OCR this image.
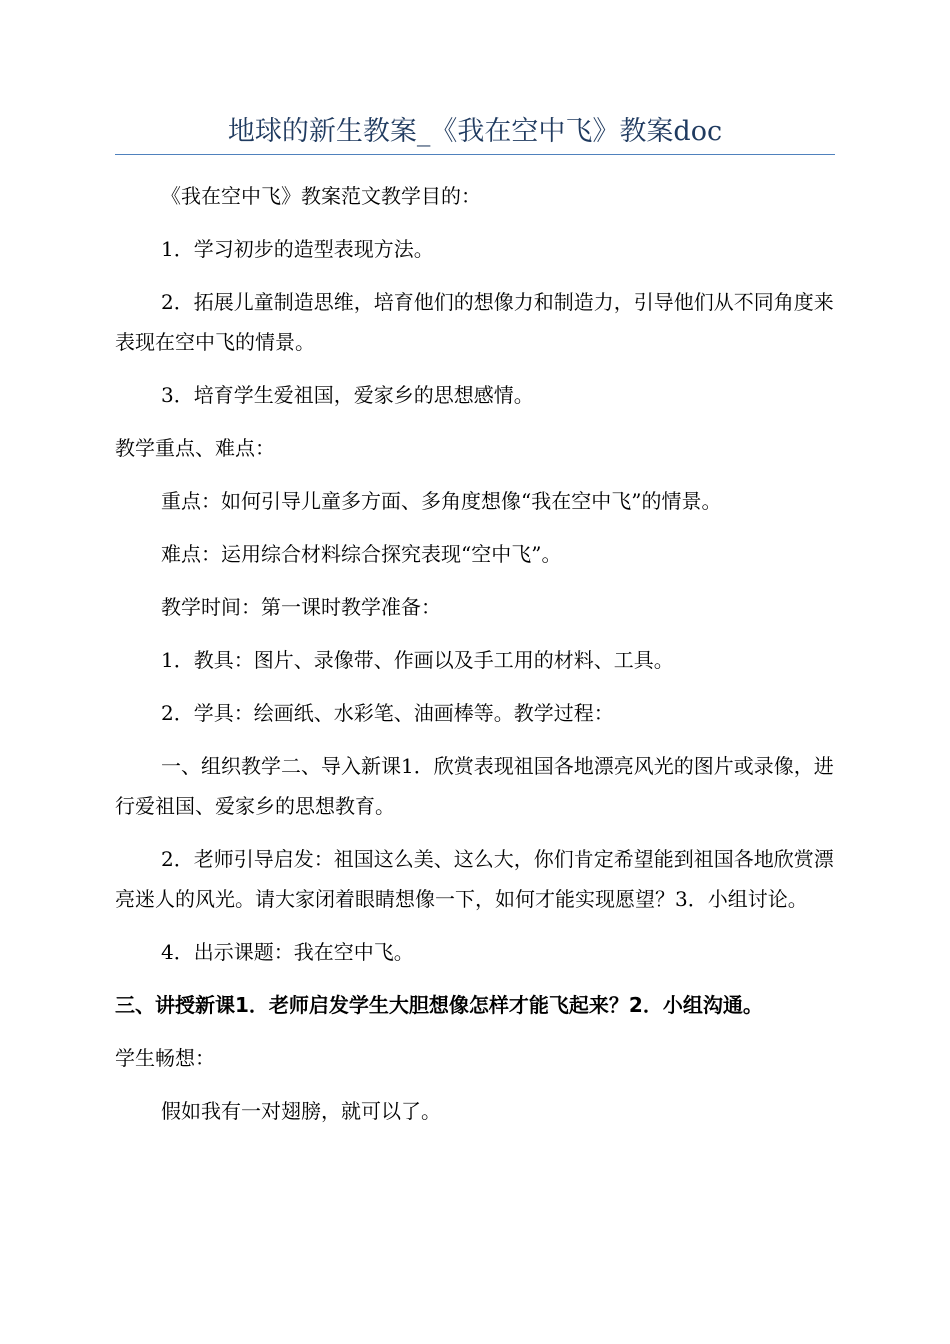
地球的新生教案_《我在空中飞》教案doc

《我在空中飞》教案范文教学目的：

1．学习初步的造型表现方法。

2．拓展儿童制造思维，培育他们的想像力和制造力，引导他们从不同角度来表现在空中飞的情景。

3．培育学生爱祖国，爱家乡的思想感情。

教学重点、难点：

重点：如何引导儿童多方面、多角度想像“我在空中飞”的情景。

难点：运用综合材料综合探究表现“空中飞”。

教学时间：第一课时教学准备：

1．教具：图片、录像带、作画以及手工用的材料、工具。

2．学具：绘画纸、水彩笔、油画棒等。教学过程：

一、组织教学二、导入新课1．欣赏表现祖国各地漂亮风光的图片或录像，进行爱祖国、爱家乡的思想教育。

2．老师引导启发：祖国这么美、这么大，你们肯定希望能到祖国各地欣赏漂亮迷人的风光。请大家闭着眼睛想像一下，如何才能实现愿望？3．小组讨论。

4．出示课题：我在空中飞。

三、讲授新课1．老师启发学生大胆想像怎样才能飞起来？2．小组沟通。

学生畅想：

假如我有一对翅膀，就可以了。
